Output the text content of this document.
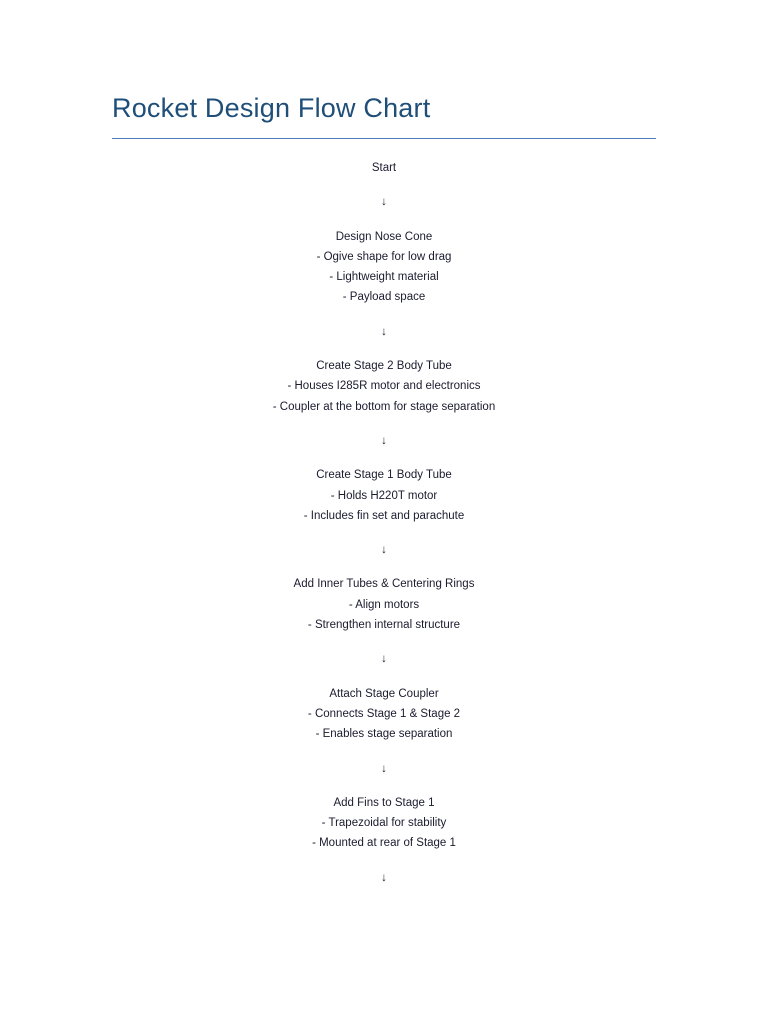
Rocket Design Flow Chart
Start
↓
Design Nose Cone
- Ogive shape for low drag
- Lightweight material
- Payload space
↓
Create Stage 2 Body Tube
- Houses I285R motor and electronics
- Coupler at the bottom for stage separation
↓
Create Stage 1 Body Tube
- Holds H220T motor
- Includes fin set and parachute
↓
Add Inner Tubes & Centering Rings
- Align motors
- Strengthen internal structure
↓
Attach Stage Coupler
- Connects Stage 1 & Stage 2
- Enables stage separation
↓
Add Fins to Stage 1
- Trapezoidal for stability
- Mounted at rear of Stage 1
↓
